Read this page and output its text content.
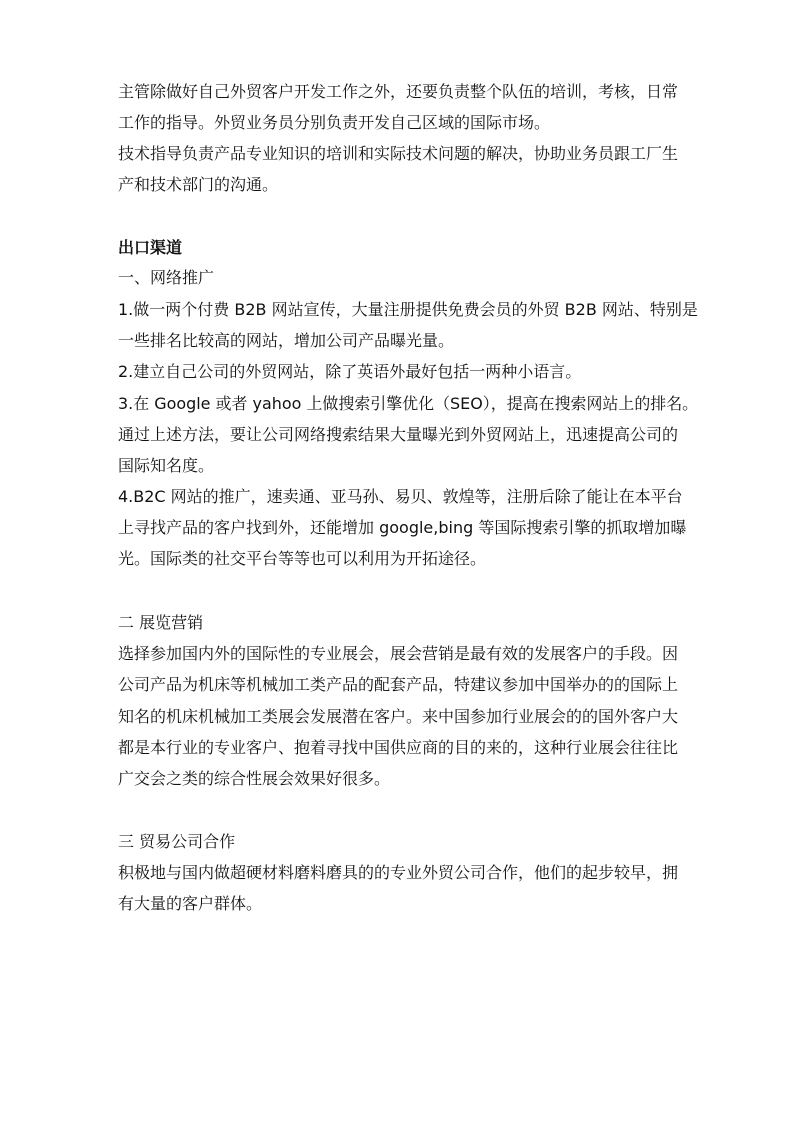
主管除做好自己外贸客户开发工作之外，还要负责整个队伍的培训，考核，日常

工作的指导。外贸业务员分别负责开发自己区域的国际市场。

技术指导负责产品专业知识的培训和实际技术问题的解决，协助业务员跟工厂生

产和技术部门的沟通。

出口渠道

一、网络推广

1.做一两个付费 B2B 网站宣传，大量注册提供免费会员的外贸 B2B 网站、特别是

一些排名比较高的网站，增加公司产品曝光量。

2.建立自己公司的外贸网站，除了英语外最好包括一两种小语言。

3.在 Google 或者 yahoo 上做搜索引擎优化（SEO），提高在搜索网站上的排名。

通过上述方法，要让公司网络搜索结果大量曝光到外贸网站上，迅速提高公司的

国际知名度。

4.B2C 网站的推广，速卖通、亚马孙、易贝、敦煌等，注册后除了能让在本平台

上寻找产品的客户找到外，还能增加 google,bing 等国际搜索引擎的抓取增加曝

光。国际类的社交平台等等也可以利用为开拓途径。

二 展览营销

选择参加国内外的国际性的专业展会，展会营销是最有效的发展客户的手段。因

公司产品为机床等机械加工类产品的配套产品，特建议参加中国举办的的国际上

知名的机床机械加工类展会发展潜在客户。来中国参加行业展会的的国外客户大

都是本行业的专业客户、抱着寻找中国供应商的目的来的，这种行业展会往往比

广交会之类的综合性展会效果好很多。

三 贸易公司合作

积极地与国内做超硬材料磨料磨具的的专业外贸公司合作，他们的起步较早，拥

有大量的客户群体。
